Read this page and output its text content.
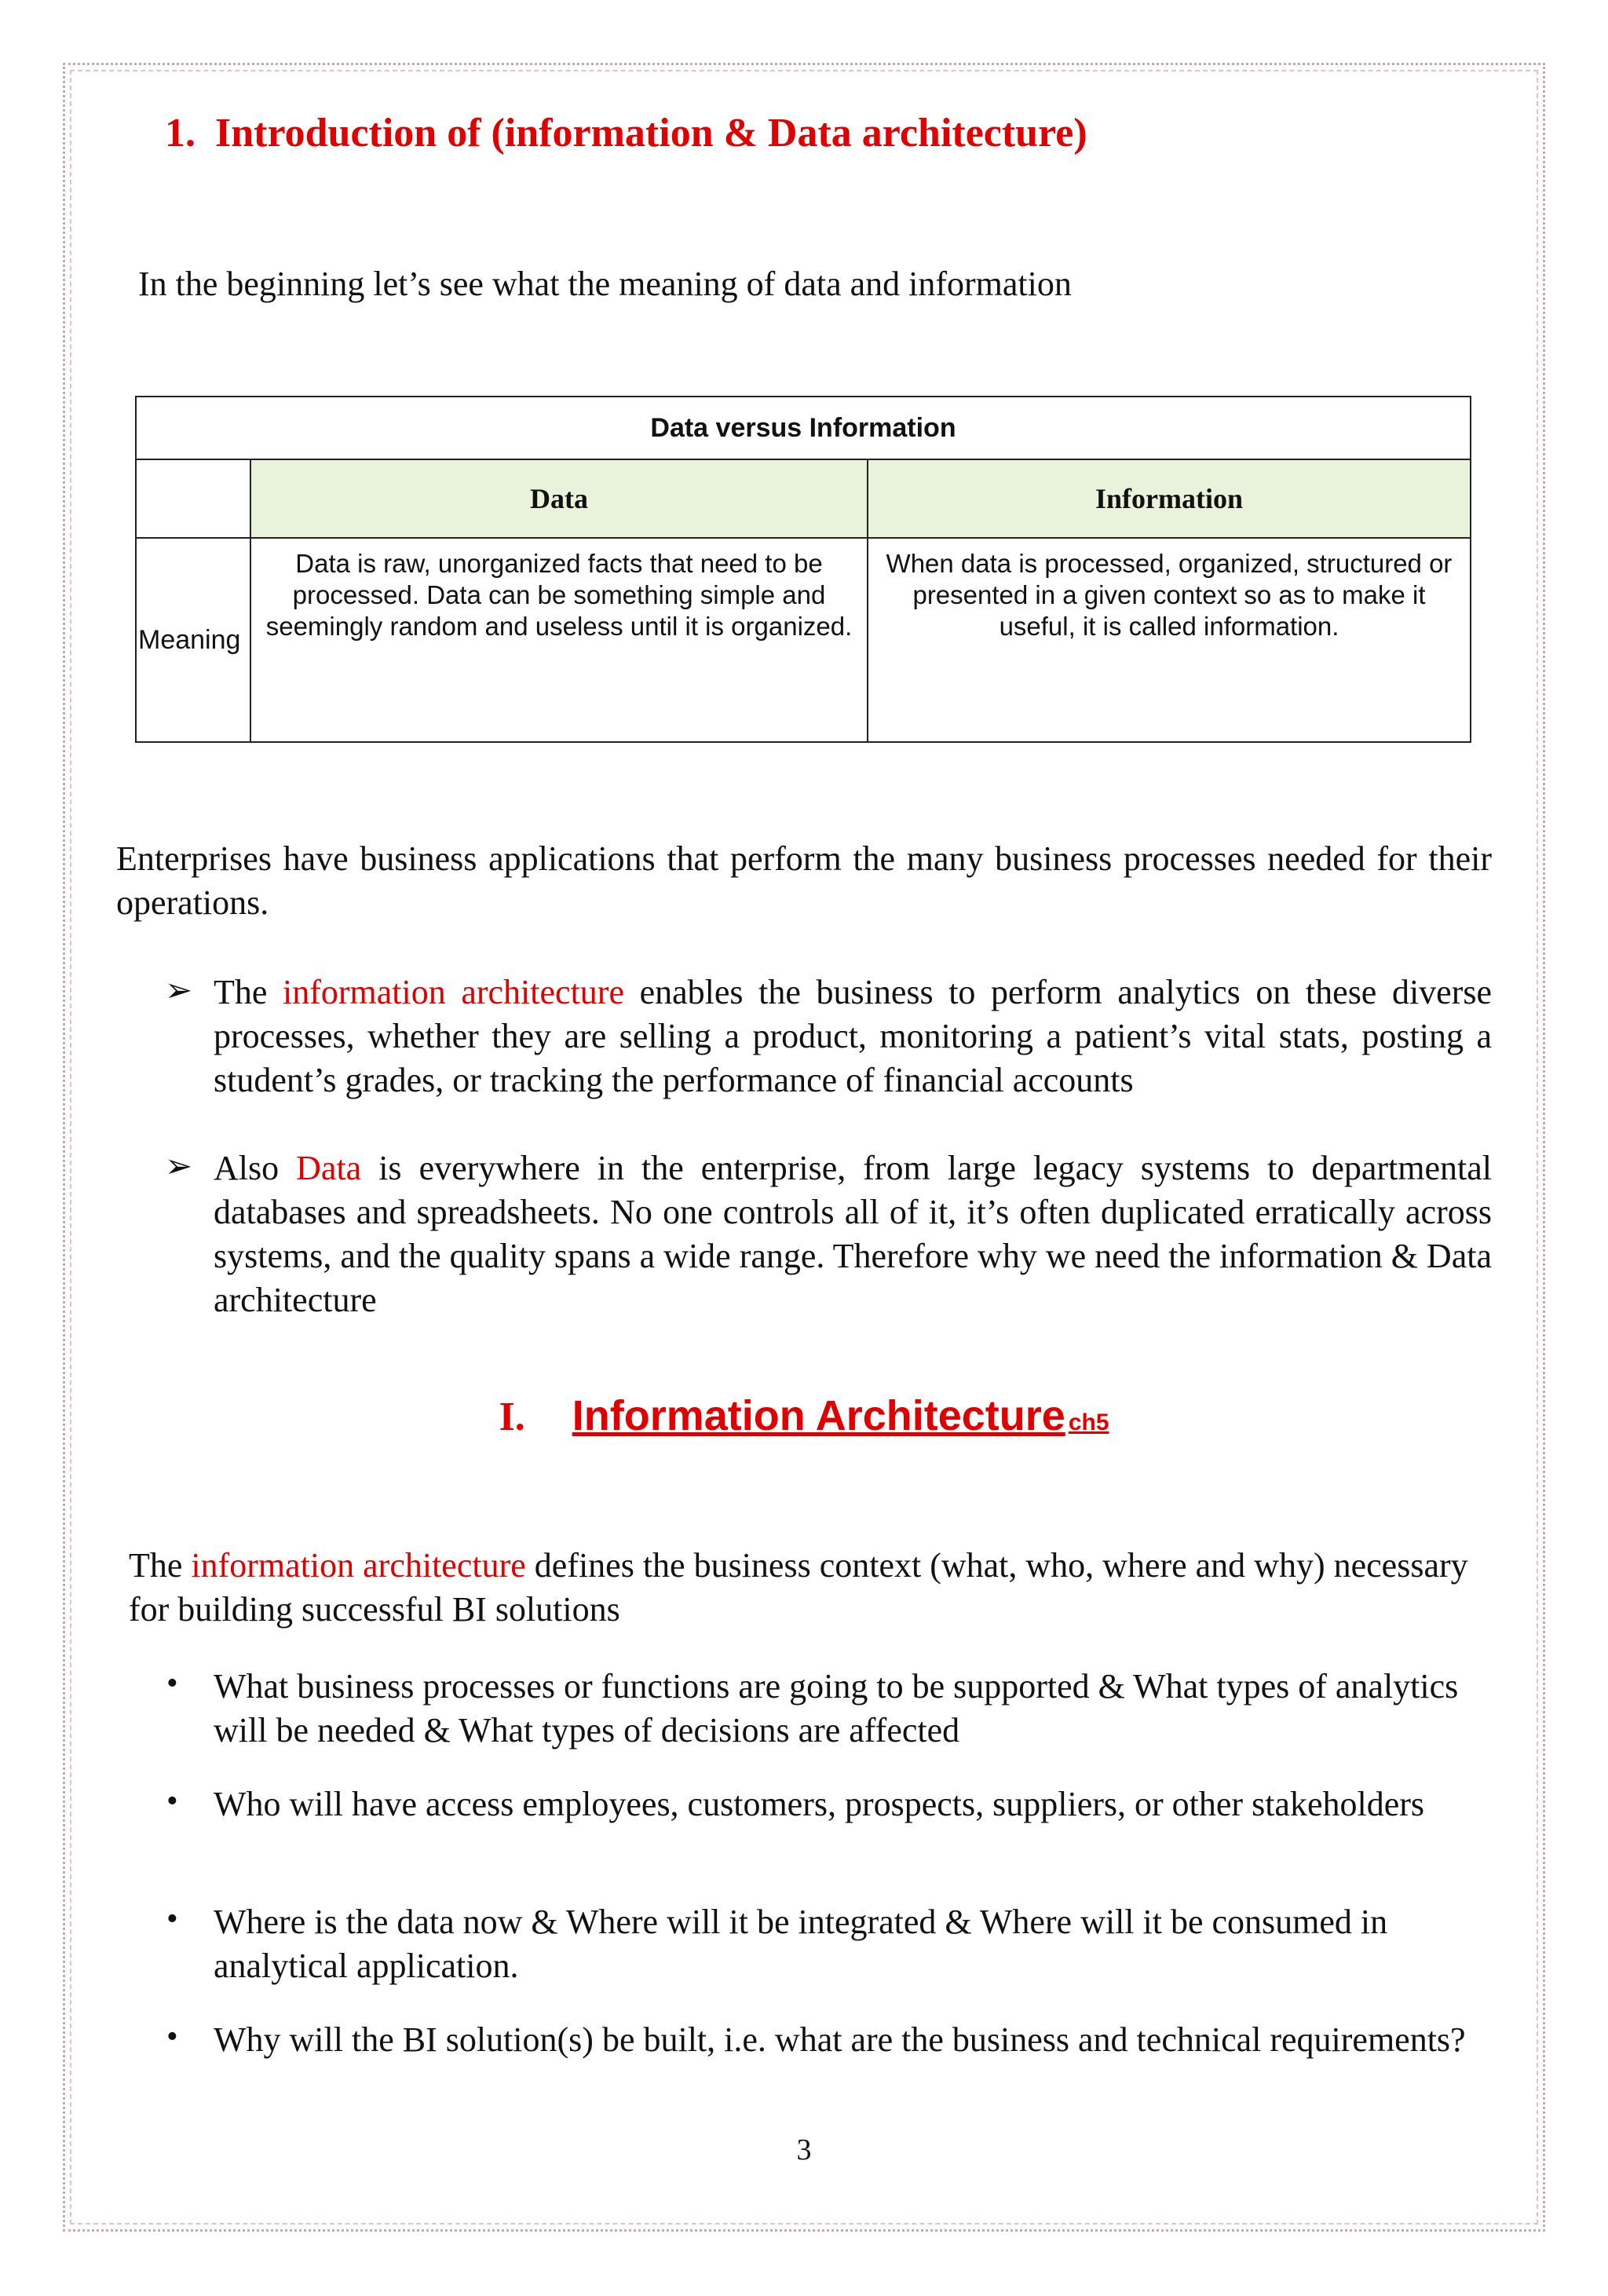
1. Introduction of (information & Data architecture)
In the beginning let’s see what the meaning of data and information
Data versus Information		
	Data	Information
Meaning	Data is raw, unorganized facts that need to be processed. Data can be something simple and seemingly random and useless until it is organized.	When data is processed, organized, structured or presented in a given context so as to make it useful, it is called information.
Enterprises have business applications that perform the many business processes needed for their operations.
➢ The information architecture enables the business to perform analytics on these diverse processes, whether they are selling a product, monitoring a patient’s vital stats, posting a student’s grades, or tracking the performance of financial accounts
➢ Also Data is everywhere in the enterprise, from large legacy systems to departmental databases and spreadsheets. No one controls all of it, it’s often duplicated erratically across systems, and the quality spans a wide range. Therefore why we need the information & Data architecture
I. Information Architecture ch5
The information architecture defines the business context (what, who, where and why) necessary for building successful BI solutions
• What business processes or functions are going to be supported & What types of analytics will be needed & What types of decisions are affected
• Who will have access employees, customers, prospects, suppliers, or other stakeholders
• Where is the data now & Where will it be integrated & Where will it be consumed in analytical application.
• Why will the BI solution(s) be built, i.e. what are the business and technical requirements?
3
